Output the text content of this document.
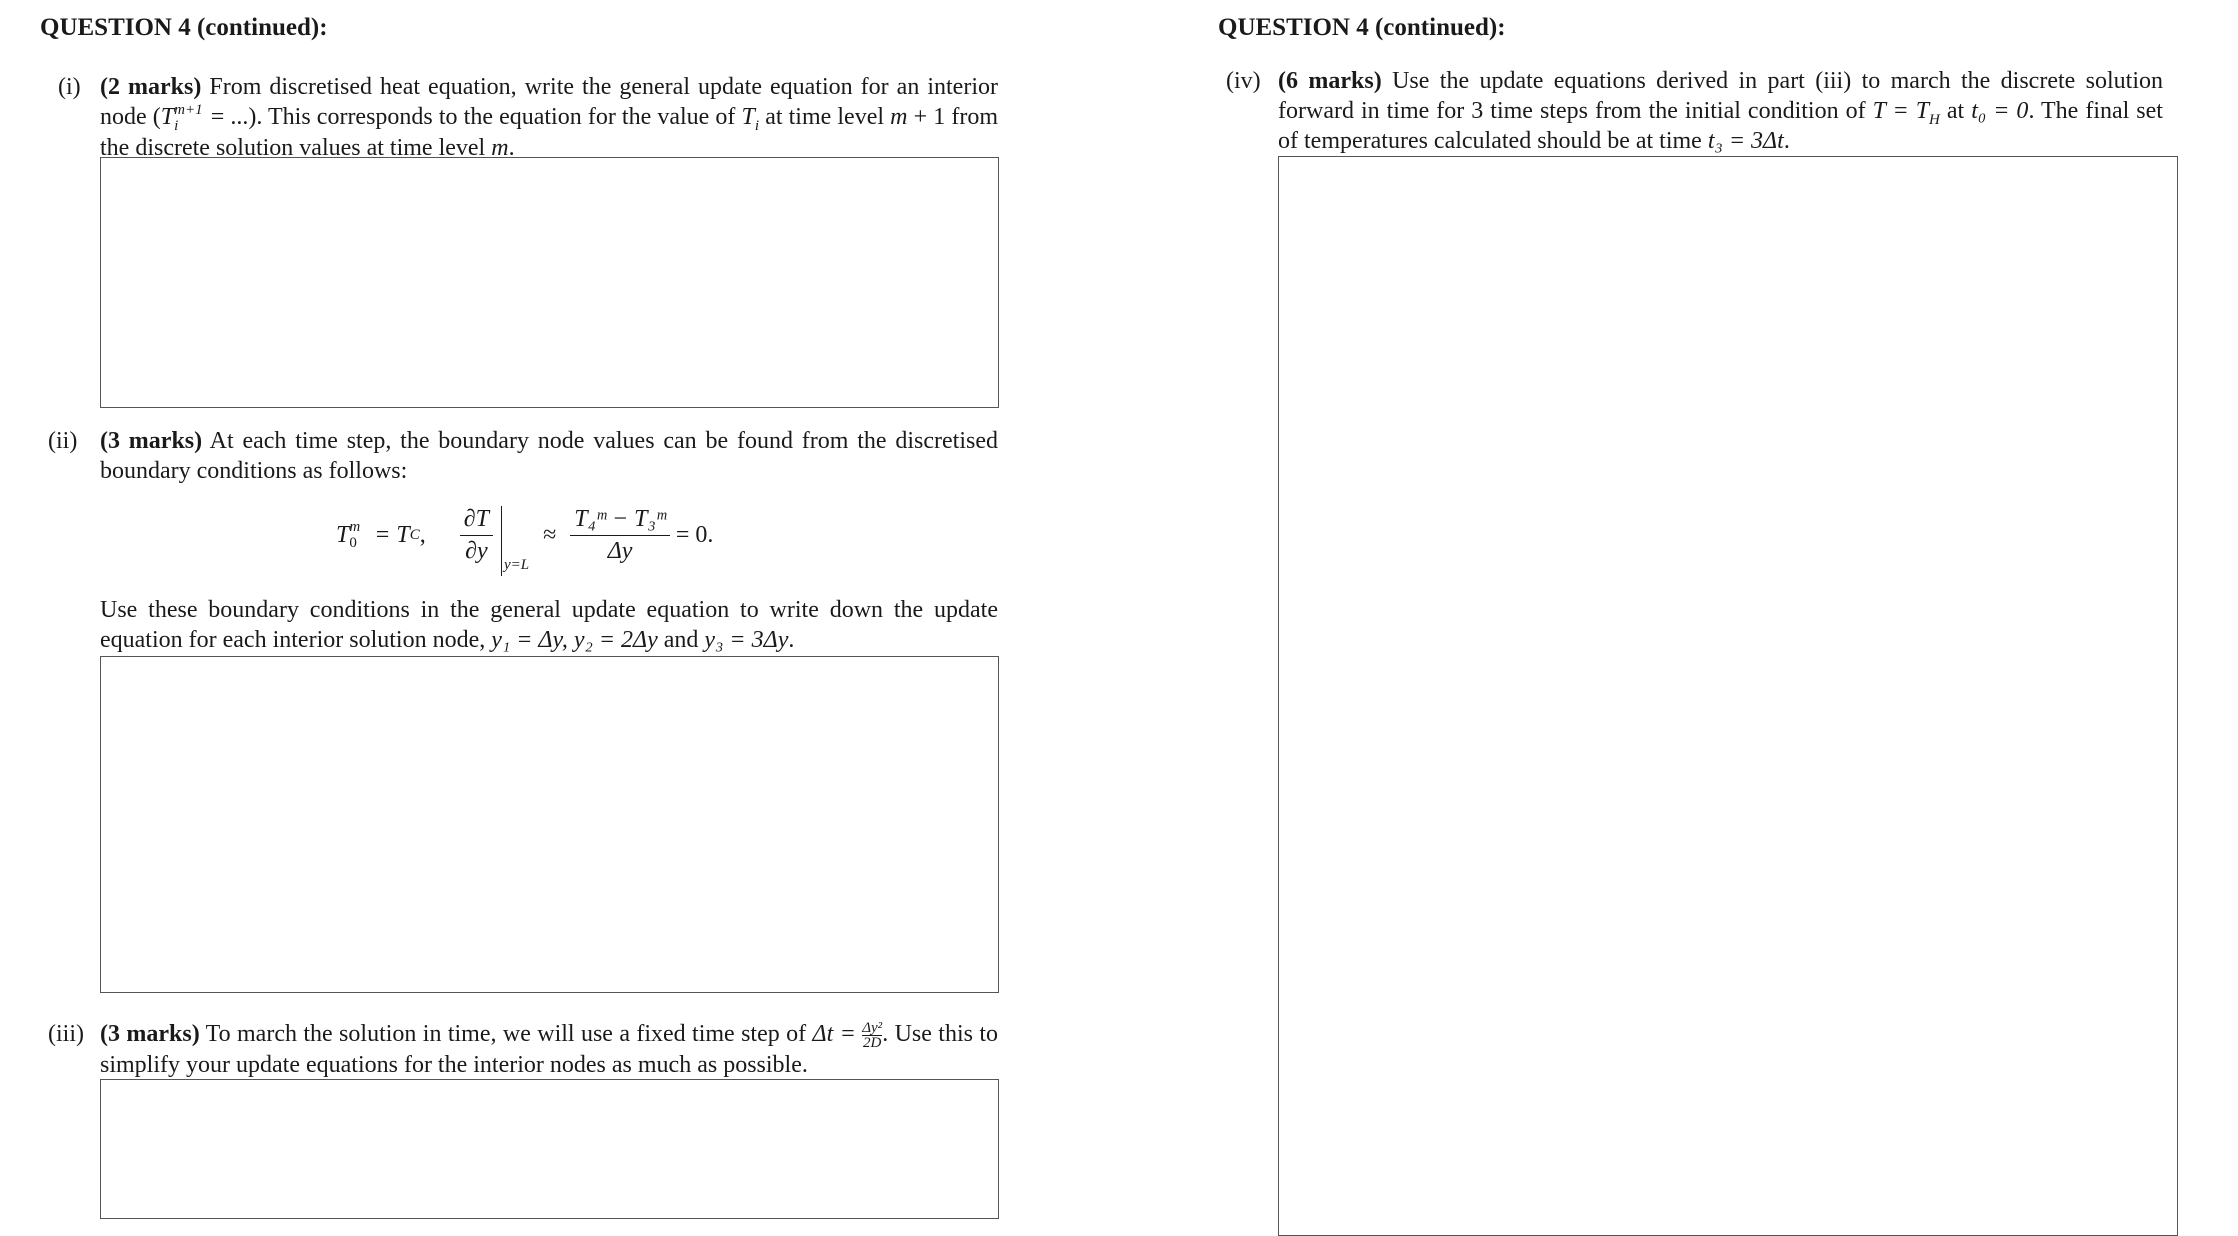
QUESTION 4 (continued):	QUESTION 4 (continued):
(i) (2 marks) From discretised heat equation, write the general update equation for an interior node (T m+1
i	= ...). This corresponds to the equation for the value of $T_i$ at time level m + 1 from the discrete solution values at time level m.
(ii) (3 marks) At each time step, the boundary node values can be found from the discretised boundary conditions as follows:
T m
0 = T C , $\frac{\partial T}{\partial y} y=L$
≈ $\frac{\text{T₄ᵐ − T₃ᵐ}}{\Delta y} = 0$.
Use these boundary conditions in the general update equation to write down the update equation for each interior solution node, y₁ = Δy, y₂ = 2Δy and y₃ = 3Δy.
(iii) (3 marks) To march the solution in time, we will use a fixed time step of $\Delta t = \frac{\text{Δy²}}{2D}$ . Use this to simplify your update equations for the interior nodes as much as possible.
(iv) (6 marks) Use the update equations derived in part (iii) to march the discrete solution forward in time for 3 time steps from the initial condition of $T = T_H$ at t₀ = 0. The final set of temperatures calculated should be at time t₃ = 3Δt.
